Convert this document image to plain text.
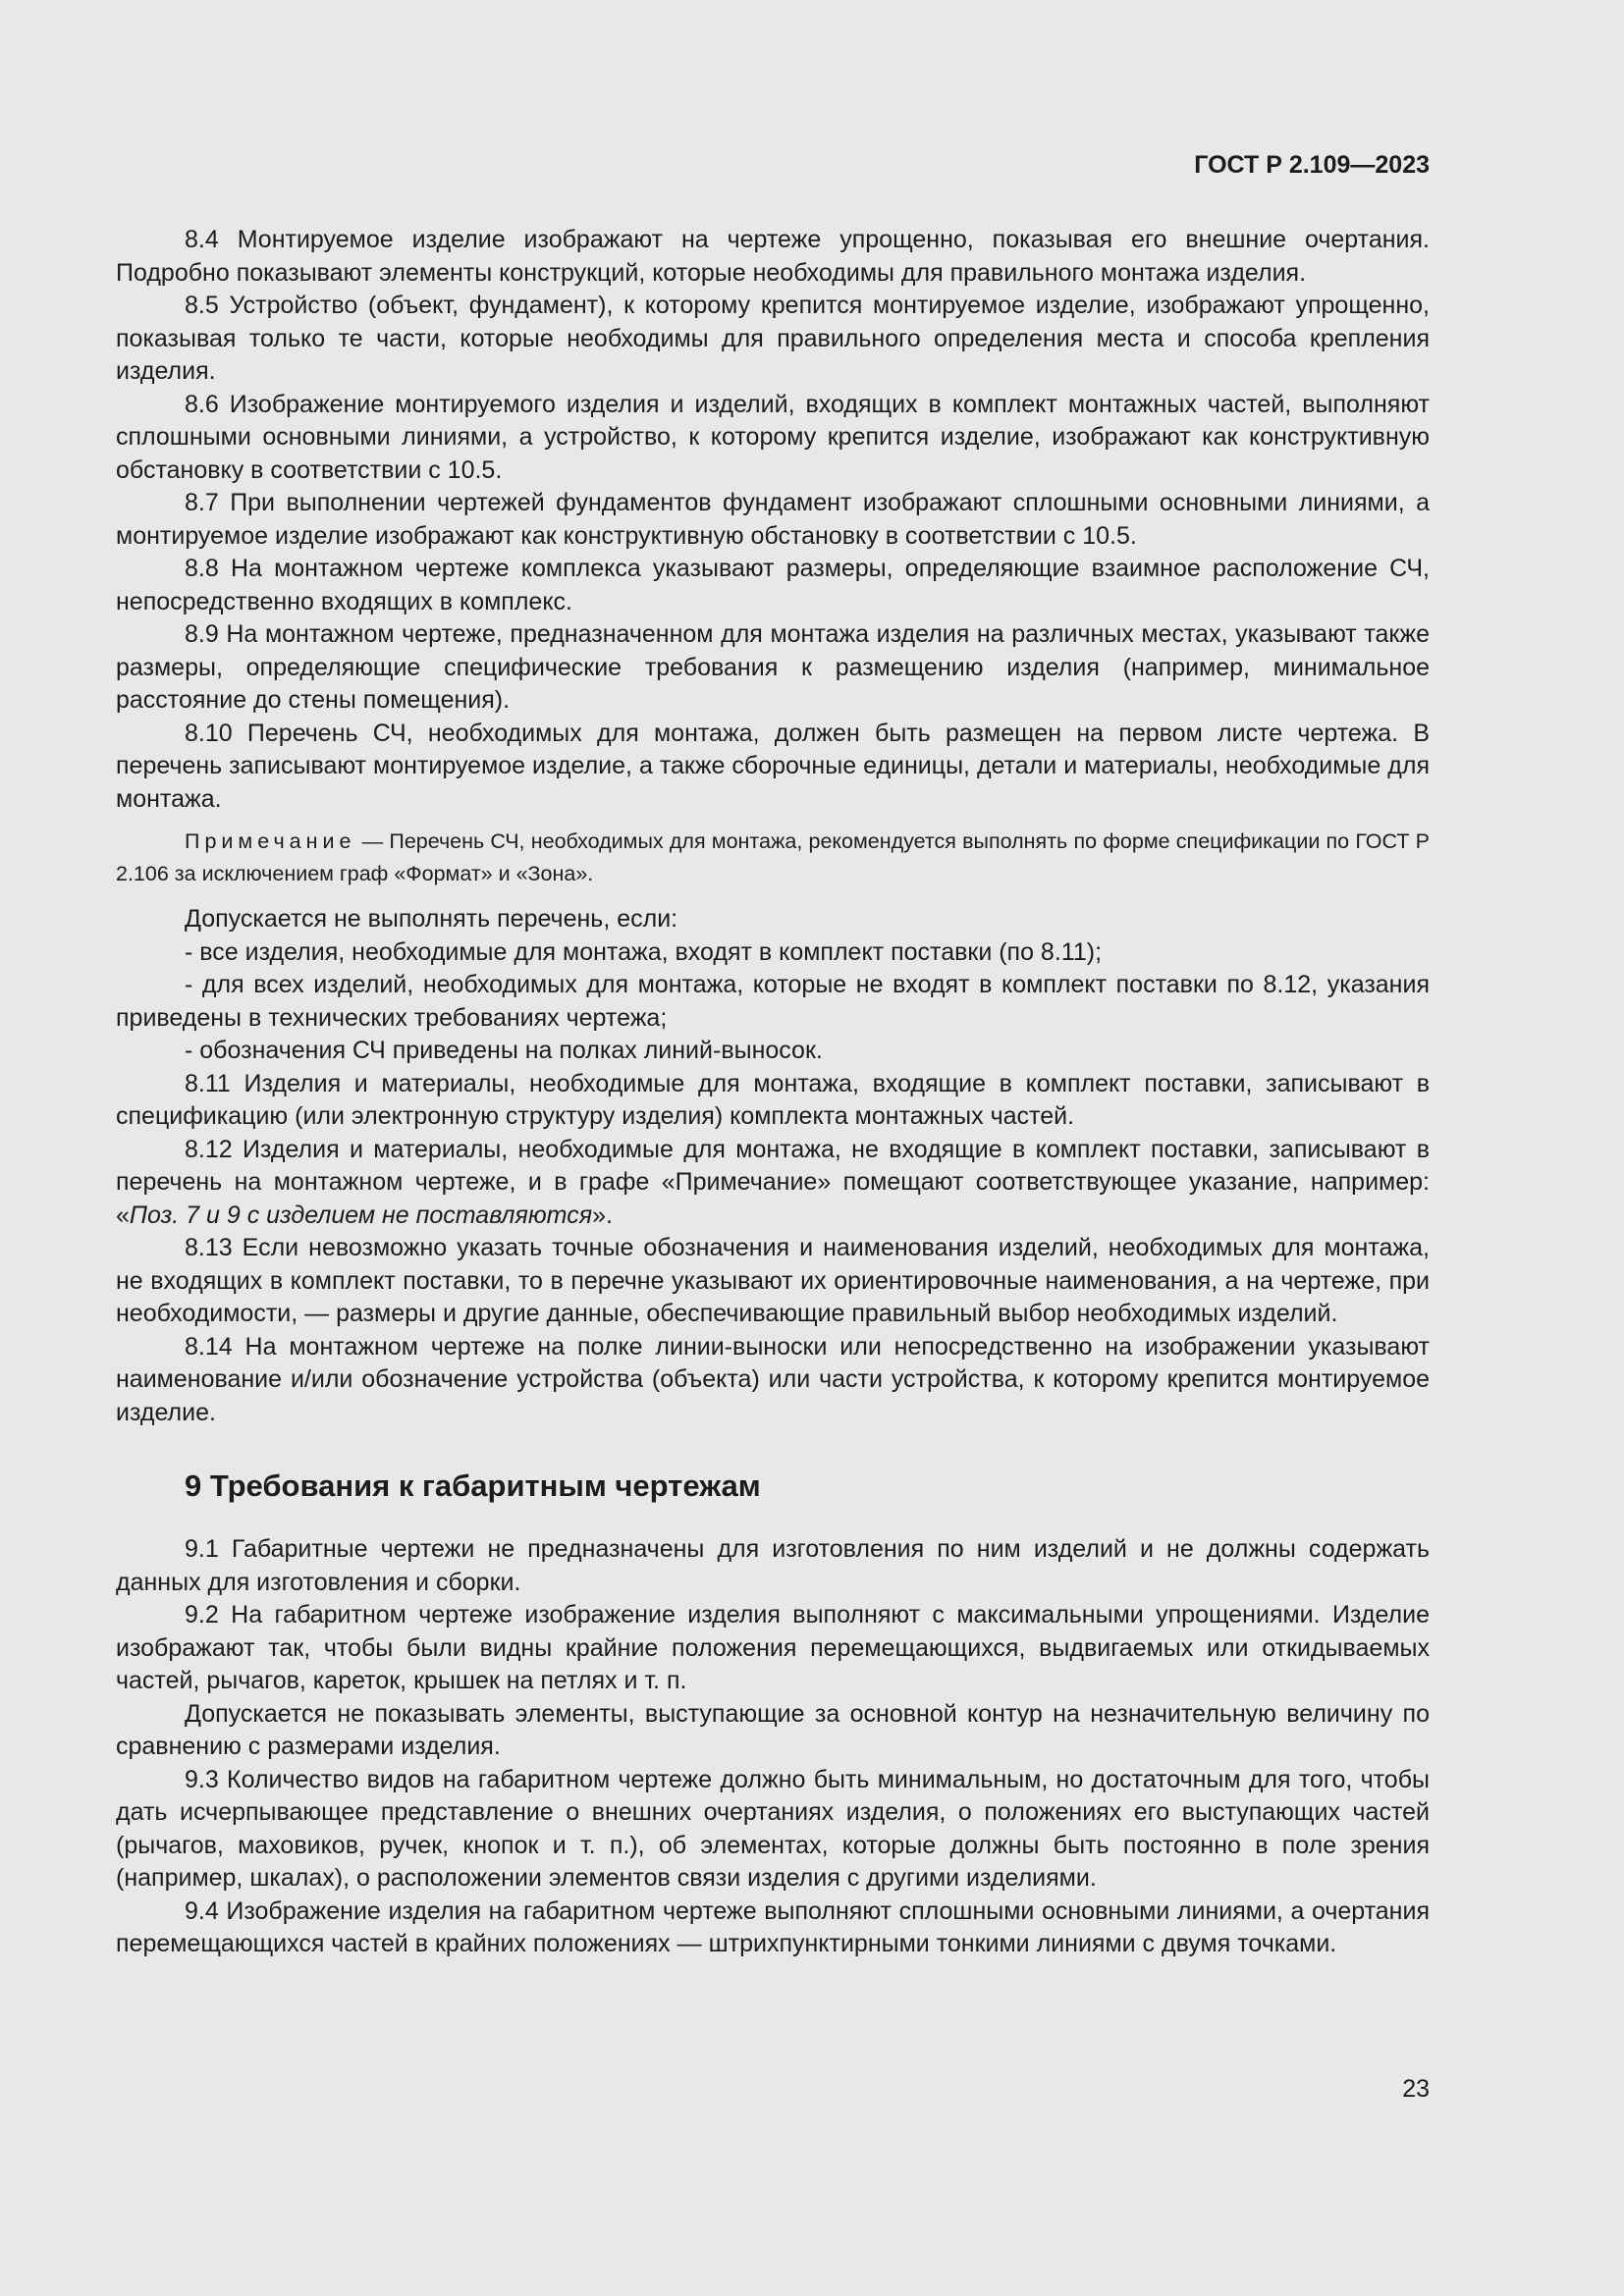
ГОСТ Р 2.109—2023

8.4 Монтируемое изделие изображают на чертеже упрощенно, показывая его внешние очертания. Подробно показывают элементы конструкций, которые необходимы для правильного монтажа изделия.

8.5 Устройство (объект, фундамент), к которому крепится монтируемое изделие, изображают упрощенно, показывая только те части, которые необходимы для правильного определения места и способа крепления изделия.

8.6 Изображение монтируемого изделия и изделий, входящих в комплект монтажных частей, выполняют сплошными основными линиями, а устройство, к которому крепится изделие, изображают как конструктивную обстановку в соответствии с 10.5.

8.7 При выполнении чертежей фундаментов фундамент изображают сплошными основными линиями, а монтируемое изделие изображают как конструктивную обстановку в соответствии с 10.5.

8.8 На монтажном чертеже комплекса указывают размеры, определяющие взаимное расположение СЧ, непосредственно входящих в комплекс.

8.9 На монтажном чертеже, предназначенном для монтажа изделия на различных местах, указывают также размеры, определяющие специфические требования к размещению изделия (например, минимальное расстояние до стены помещения).

8.10 Перечень СЧ, необходимых для монтажа, должен быть размещен на первом листе чертежа. В перечень записывают монтируемое изделие, а также сборочные единицы, детали и материалы, необходимые для монтажа.

Примечание — Перечень СЧ, необходимых для монтажа, рекомендуется выполнять по форме спецификации по ГОСТ Р 2.106 за исключением граф «Формат» и «Зона».

Допускается не выполнять перечень, если:

- все изделия, необходимые для монтажа, входят в комплект поставки (по 8.11);

- для всех изделий, необходимых для монтажа, которые не входят в комплект поставки по 8.12, указания приведены в технических требованиях чертежа;

- обозначения СЧ приведены на полках линий-выносок.

8.11 Изделия и материалы, необходимые для монтажа, входящие в комплект поставки, записывают в спецификацию (или электронную структуру изделия) комплекта монтажных частей.

8.12 Изделия и материалы, необходимые для монтажа, не входящие в комплект поставки, записывают в перечень на монтажном чертеже, и в графе «Примечание» помещают соответствующее указание, например: «Поз. 7 и 9 с изделием не поставляются».

8.13 Если невозможно указать точные обозначения и наименования изделий, необходимых для монтажа, не входящих в комплект поставки, то в перечне указывают их ориентировочные наименования, а на чертеже, при необходимости, — размеры и другие данные, обеспечивающие правильный выбор необходимых изделий.

8.14 На монтажном чертеже на полке линии-выноски или непосредственно на изображении указывают наименование и/или обозначение устройства (объекта) или части устройства, к которому крепится монтируемое изделие.

9 Требования к габаритным чертежам

9.1 Габаритные чертежи не предназначены для изготовления по ним изделий и не должны содержать данных для изготовления и сборки.

9.2 На габаритном чертеже изображение изделия выполняют с максимальными упрощениями. Изделие изображают так, чтобы были видны крайние положения перемещающихся, выдвигаемых или откидываемых частей, рычагов, кареток, крышек на петлях и т. п.

Допускается не показывать элементы, выступающие за основной контур на незначительную величину по сравнению с размерами изделия.

9.3 Количество видов на габаритном чертеже должно быть минимальным, но достаточным для того, чтобы дать исчерпывающее представление о внешних очертаниях изделия, о положениях его выступающих частей (рычагов, маховиков, ручек, кнопок и т. п.), об элементах, которые должны быть постоянно в поле зрения (например, шкалах), о расположении элементов связи изделия с другими изделиями.

9.4 Изображение изделия на габаритном чертеже выполняют сплошными основными линиями, а очертания перемещающихся частей в крайних положениях — штрихпунктирными тонкими линиями с двумя точками.

23
